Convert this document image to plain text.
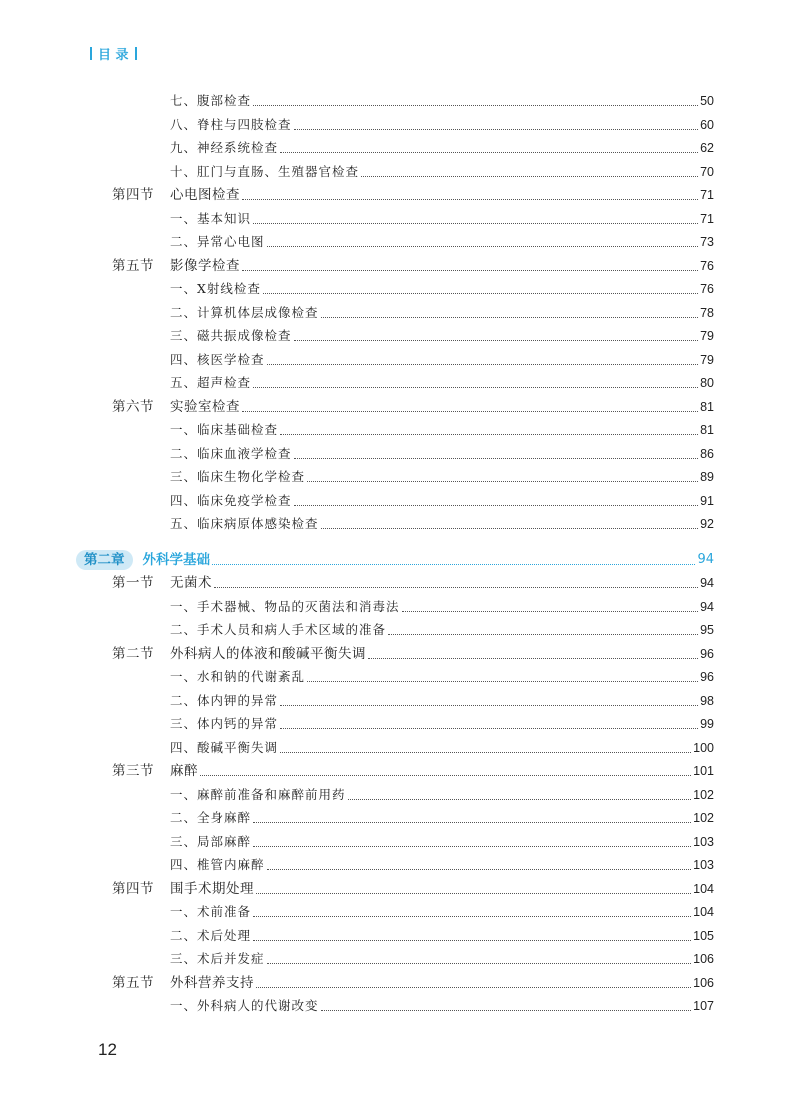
目 录
七、腹部检查	50
八、脊柱与四肢检查	60
九、神经系统检查	62
十、肛门与直肠、生殖器官检查	70
第四节	心电图检查	71
一、基本知识	71
二、异常心电图	73
第五节	影像学检查	76
一、X射线检查	76
二、计算机体层成像检查	78
三、磁共振成像检查	79
四、核医学检查	79
五、超声检查	80
第六节	实验室检查	81
一、临床基础检查	81
二、临床血液学检查	86
三、临床生物化学检查	89
四、临床免疫学检查	91
五、临床病原体感染检查	92
第二章	外科学基础	94
第一节	无菌术	94
一、手术器械、物品的灭菌法和消毒法	94
二、手术人员和病人手术区域的准备	95
第二节	外科病人的体液和酸碱平衡失调	96
一、水和钠的代谢紊乱	96
二、体内钾的异常	98
三、体内钙的异常	99
四、酸碱平衡失调	100
第三节	麻醉	101
一、麻醉前准备和麻醉前用药	102
二、全身麻醉	102
三、局部麻醉	103
四、椎管内麻醉	103
第四节	围手术期处理	104
一、术前准备	104
二、术后处理	105
三、术后并发症	106
第五节	外科营养支持	106
一、外科病人的代谢改变	107
12
